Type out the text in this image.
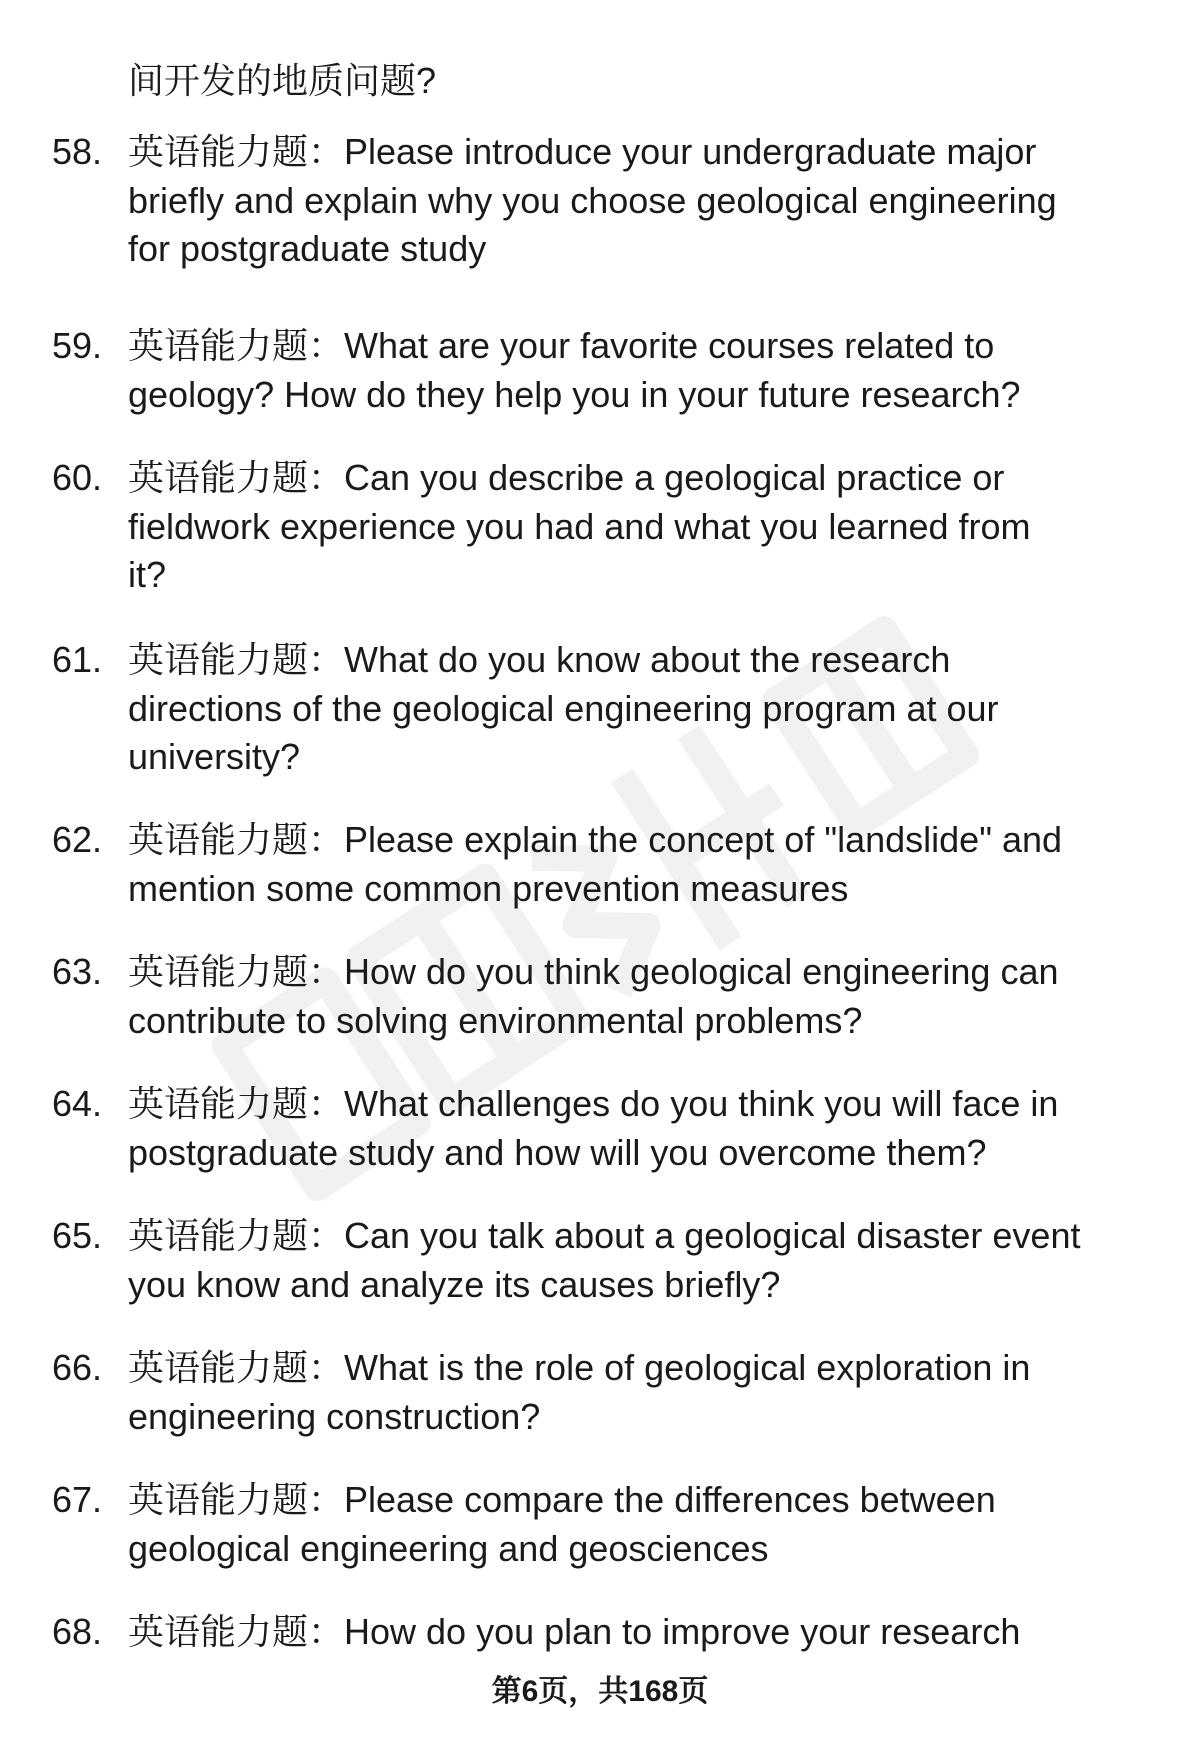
间开发的地质问题?

58. 英语能力题：Please introduce your undergraduate major
briefly and explain why you choose geological engineering
for postgraduate study
59. 英语能力题：What are your favorite courses related to
geology? How do they help you in your future research?
60. 英语能力题：Can you describe a geological practice or
fieldwork experience you had and what you learned from
it?
61. 英语能力题：What do you know about the research
directions of the geological engineering program at our
university?
62. 英语能力题：Please explain the concept of "landslide" and
mention some common prevention measures
63. 英语能力题：How do you think geological engineering can
contribute to solving environmental problems?
64. 英语能力题：What challenges do you think you will face in
postgraduate study and how will you overcome them?
65. 英语能力题：Can you talk about a geological disaster event
you know and analyze its causes briefly?
66. 英语能力题：What is the role of geological exploration in
engineering construction?
67. 英语能力题：Please compare the differences between
geological engineering and geosciences
68. 英语能力题：How do you plan to improve your research
第6页，共168页
